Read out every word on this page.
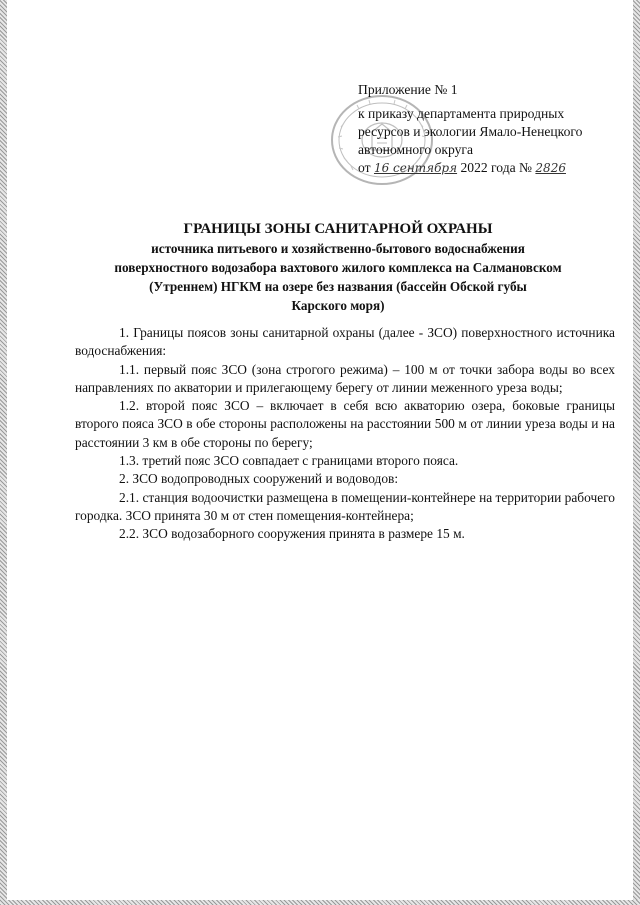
Приложение № 1
к приказу департамента природных
ресурсов и экологии Ямало-Ненецкого
автономного округа
от 16 сентября 2022 года № 2826
ГРАНИЦЫ ЗОНЫ САНИТАРНОЙ ОХРАНЫ
источника питьевого и хозяйственно-бытового водоснабжения
поверхностного водозабора вахтового жилого комплекса на Салмановском
(Утреннем) НГКМ на озере без названия (бассейн Обской губы
Карского моря)

1. Границы поясов зоны санитарной охраны (далее - ЗСО) поверхностного источника водоснабжения:

1.1. первый пояс ЗСО (зона строгого режима) – 100 м от точки забора воды во всех направлениях по акватории и прилегающему берегу от линии меженного уреза воды;

1.2. второй пояс ЗСО – включает в себя всю акваторию озера, боковые границы второго пояса ЗСО в обе стороны расположены на расстоянии 500 м от линии уреза воды и на расстоянии 3 км в обе стороны по берегу;

1.3. третий пояс ЗСО совпадает с границами второго пояса.

2. ЗСО водопроводных сооружений и водоводов:

2.1. станция водоочистки размещена в помещении-контейнере на территории рабочего городка. ЗСО принята 30 м от стен помещения-контейнера;

2.2. ЗСО водозаборного сооружения принята в размере 15 м.
